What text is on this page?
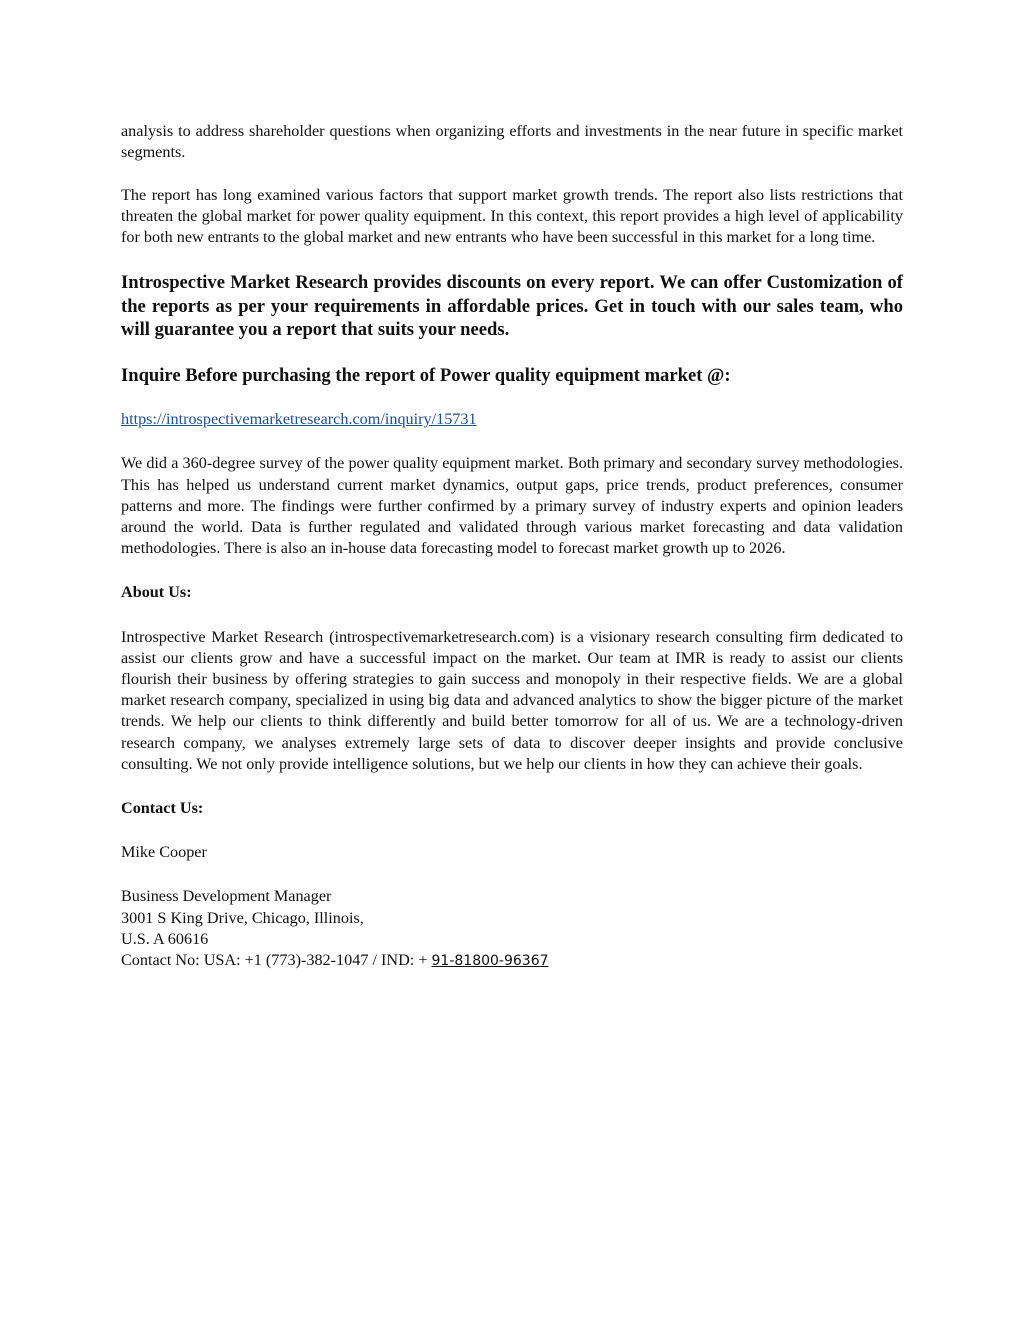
analysis to address shareholder questions when organizing efforts and investments in the near future in specific market segments.

The report has long examined various factors that support market growth trends. The report also lists restrictions that threaten the global market for power quality equipment. In this context, this report provides a high level of applicability for both new entrants to the global market and new entrants who have been successful in this market for a long time.

Introspective Market Research provides discounts on every report. We can offer Customization of the reports as per your requirements in affordable prices. Get in touch with our sales team, who will guarantee you a report that suits your needs.

Inquire Before purchasing the report of Power quality equipment market @:

https://introspectivemarketresearch.com/inquiry/15731

We did a 360-degree survey of the power quality equipment market. Both primary and secondary survey methodologies. This has helped us understand current market dynamics, output gaps, price trends, product preferences, consumer patterns and more. The findings were further confirmed by a primary survey of industry experts and opinion leaders around the world. Data is further regulated and validated through various market forecasting and data validation methodologies. There is also an in-house data forecasting model to forecast market growth up to 2026.

About Us:

Introspective Market Research (introspectivemarketresearch.com) is a visionary research consulting firm dedicated to assist our clients grow and have a successful impact on the market. Our team at IMR is ready to assist our clients flourish their business by offering strategies to gain success and monopoly in their respective fields. We are a global market research company, specialized in using big data and advanced analytics to show the bigger picture of the market trends. We help our clients to think differently and build better tomorrow for all of us. We are a technology-driven research company, we analyses extremely large sets of data to discover deeper insights and provide conclusive consulting. We not only provide intelligence solutions, but we help our clients in how they can achieve their goals.

Contact Us:

Mike Cooper

Business Development Manager

3001 S King Drive, Chicago, Illinois,

U.S. A 60616

Contact No: USA: +1 (773)-382-1047 / IND: + 91-81800-96367
